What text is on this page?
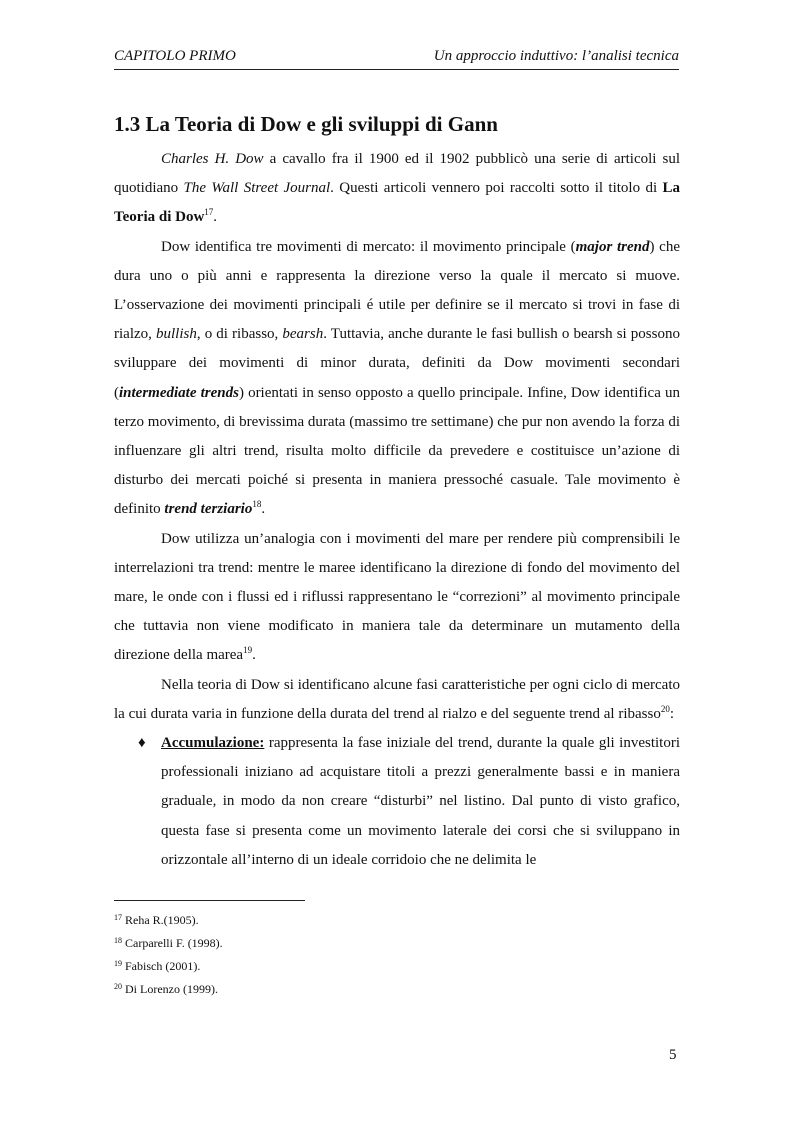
CAPITOLO PRIMO	Un approccio induttivo: l’analisi tecnica
1.3 La Teoria di Dow e gli sviluppi di Gann

Charles H. Dow a cavallo fra il 1900 ed il 1902 pubblicò una serie di articoli sul quotidiano The Wall Street Journal. Questi articoli vennero poi raccolti sotto il titolo di La Teoria di Dow$^{17}$.

Dow identifica tre movimenti di mercato: il movimento principale (major trend) che dura uno o più anni e rappresenta la direzione verso la quale il mercato si muove. L’osservazione dei movimenti principali é utile per definire se il mercato si trovi in fase di rialzo, bullish, o di ribasso, bearsh. Tuttavia, anche durante le fasi bullish o bearsh si possono sviluppare dei movimenti di minor durata, definiti da Dow movimenti secondari (intermediate trends) orientati in senso opposto a quello principale. Infine, Dow identifica un terzo movimento, di brevissima durata (massimo tre settimane) che pur non avendo la forza di influenzare gli altri trend, risulta molto difficile da prevedere e costituisce un’azione di disturbo dei mercati poiché si presenta in maniera pressoché casuale. Tale movimento è definito trend terziario$^{18}$.

Dow utilizza un’analogia con i movimenti del mare per rendere più comprensibili le interrelazioni tra trend: mentre le maree identificano la direzione di fondo del movimento del mare, le onde con i flussi ed i riflussi rappresentano le “correzioni” al movimento principale che tuttavia non viene modificato in maniera tale da determinare un mutamento della direzione della marea$^{19}$.

Nella teoria di Dow si identificano alcune fasi caratteristiche per ogni ciclo di mercato la cui durata varia in funzione della durata del trend al rialzo e del seguente trend al ribasso$^{20}$:

♦ Accumulazione: rappresenta la fase iniziale del trend, durante la quale gli investitori professionali iniziano ad acquistare titoli a prezzi generalmente bassi e in maniera graduale, in modo da non creare “disturbi” nel listino. Dal punto di visto grafico, questa fase si presenta come un movimento laterale dei corsi che si sviluppano in orizzontale all’interno di un ideale corridoio che ne delimita le

$^{17}$ Reha R.(1905).
$^{18}$ Carparelli F. (1998).
$^{19}$ Fabisch (2001).
$^{20}$ Di Lorenzo (1999).
5
